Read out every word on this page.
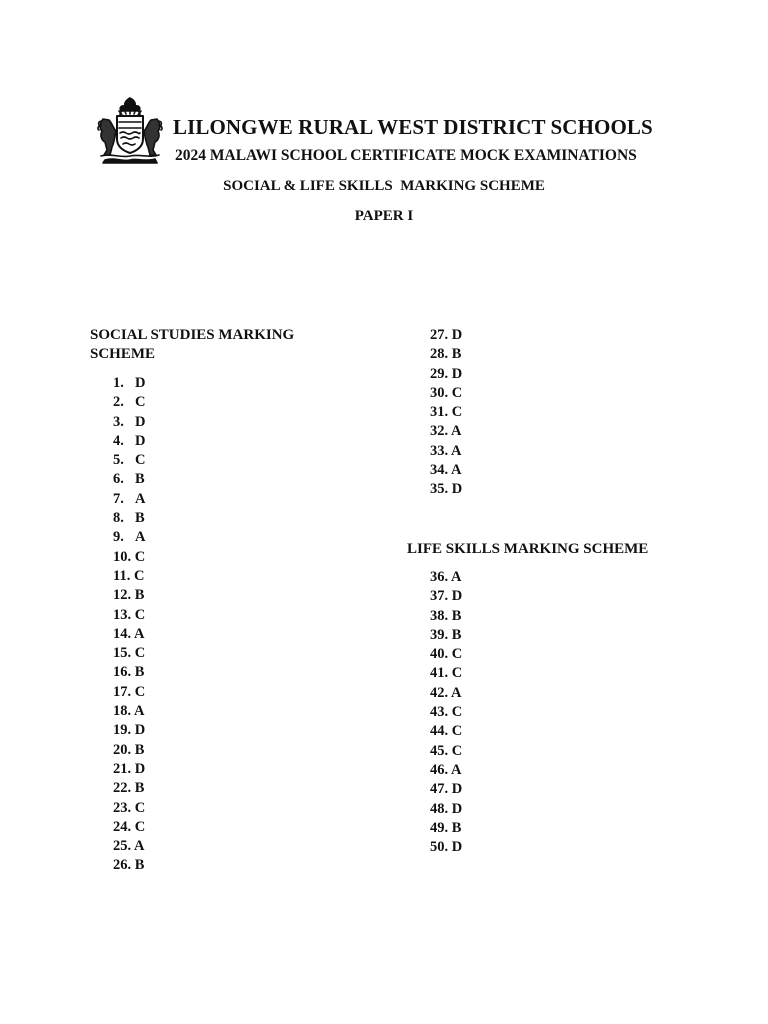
LILONGWE RURAL WEST DISTRICT SCHOOLS
2024 MALAWI SCHOOL CERTIFICATE MOCK EXAMINATIONS
SOCIAL & LIFE SKILLS  MARKING SCHEME
PAPER I
SOCIAL STUDIES MARKING
SCHEME
1. D
2. C
3. D
4. D
5. C
6. B
7. A
8. B
9. A
10. C
11. C
12. B
13. C
14. A
15. C
16. B
17. C
18. A
19. D
20. B
21. D
22. B
23. C
24. C
25. A
26. B
27. D
28. B
29. D
30. C
31. C
32. A
33. A
34. A
35. D
LIFE SKILLS MARKING SCHEME
36. A
37. D
38. B
39. B
40. C
41. C
42. A
43. C
44. C
45. C
46. A
47. D
48. D
49. B
50. D
